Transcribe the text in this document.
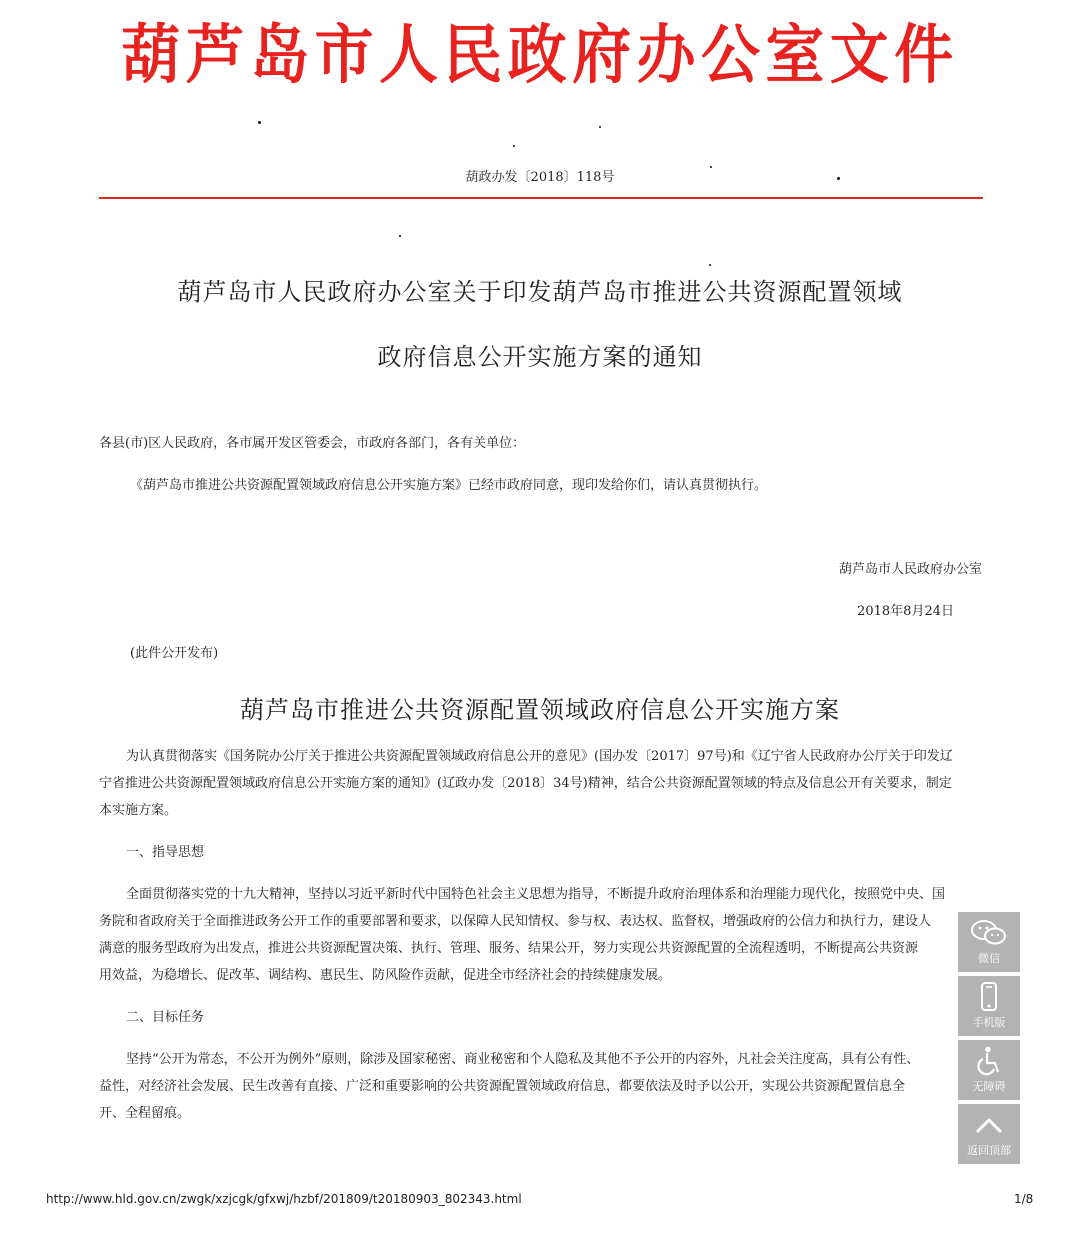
葫芦岛市人民政府办公室文件
葫政办发〔2018〕118号
葫芦岛市人民政府办公室关于印发葫芦岛市推进公共资源配置领域
政府信息公开实施方案的通知
各县(市)区人民政府，各市属开发区管委会，市政府各部门，各有关单位：
《葫芦岛市推进公共资源配置领域政府信息公开实施方案》已经市政府同意，现印发给你们，请认真贯彻执行。
葫芦岛市人民政府办公室
2018年8月24日
(此件公开发布)
葫芦岛市推进公共资源配置领域政府信息公开实施方案
为认真贯彻落实《国务院办公厅关于推进公共资源配置领域政府信息公开的意见》(国办发〔2017〕97号)和《辽宁省人民政府办公厅关于印发辽
宁省推进公共资源配置领域政府信息公开实施方案的通知》(辽政办发〔2018〕34号)精神，结合公共资源配置领域的特点及信息公开有关要求，制定
本实施方案。
一、指导思想
全面贯彻落实党的十九大精神，坚持以习近平新时代中国特色社会主义思想为指导，不断提升政府治理体系和治理能力现代化，按照党中央、国
务院和省政府关于全面推进政务公开工作的重要部署和要求，以保障人民知情权、参与权、表达权、监督权，增强政府的公信力和执行力，建设人
满意的服务型政府为出发点，推进公共资源配置决策、执行、管理、服务、结果公开，努力实现公共资源配置的全流程透明，不断提高公共资源
用效益，为稳增长、促改革、调结构、惠民生、防风险作贡献，促进全市经济社会的持续健康发展。
二、目标任务
坚持“公开为常态，不公开为例外”原则，除涉及国家秘密、商业秘密和个人隐私及其他不予公开的内容外，凡社会关注度高，具有公有性、
益性，对经济社会发展、民生改善有直接、广泛和重要影响的公共资源配置领域政府信息，都要依法及时予以公开，实现公共资源配置信息全
开、全程留痕。
微信
手机版
无障碍
返回顶部
http://www.hld.gov.cn/zwgk/xzjcgk/gfxwj/hzbf/201809/t20180903_802343.html	1/8
